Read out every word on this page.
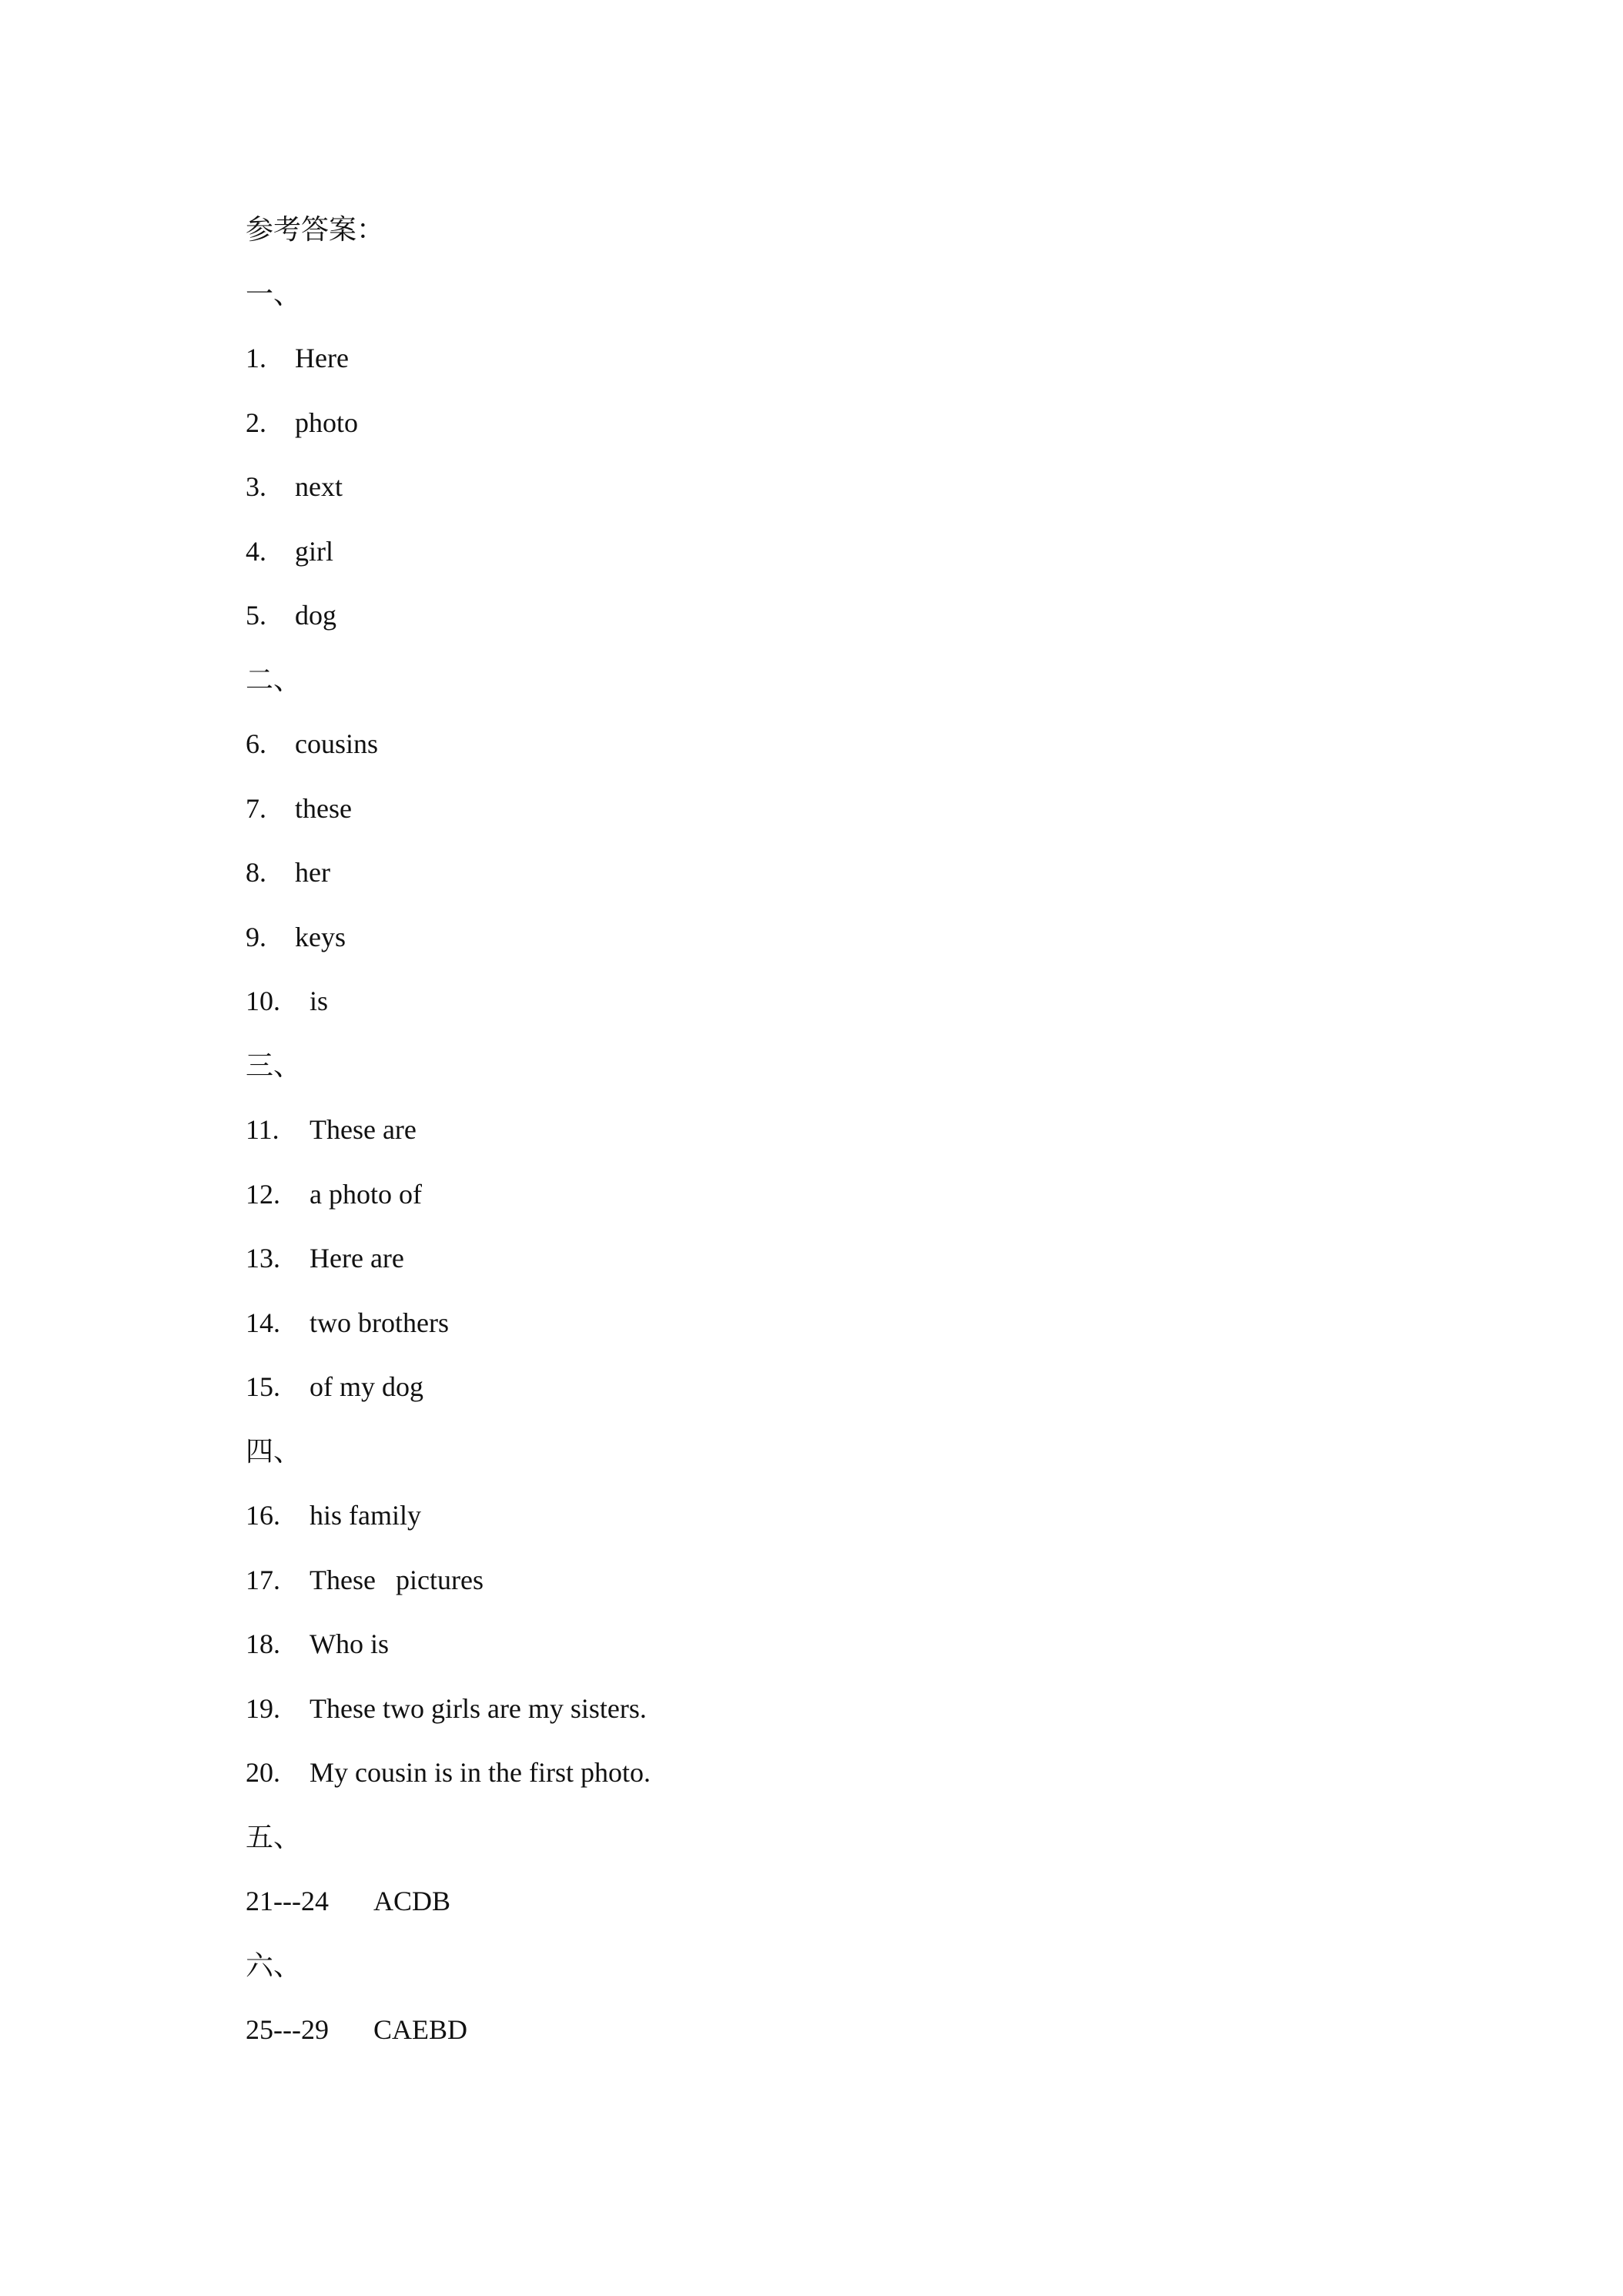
参考答案：
一、
1. Here
2. photo
3. next
4. girl
5. dog
二、
6. cousins
7. these
8. her
9. keys
10. is
三、
11. These are
12. a photo of
13. Here are
14. two brothers
15. of my dog
四、
16. his family
17. These pictures
18. Who is
19. These two girls are my sisters.
20. My cousin is in the first photo.
五、
21---24 ACDB
六、
25---29 CAEBD
